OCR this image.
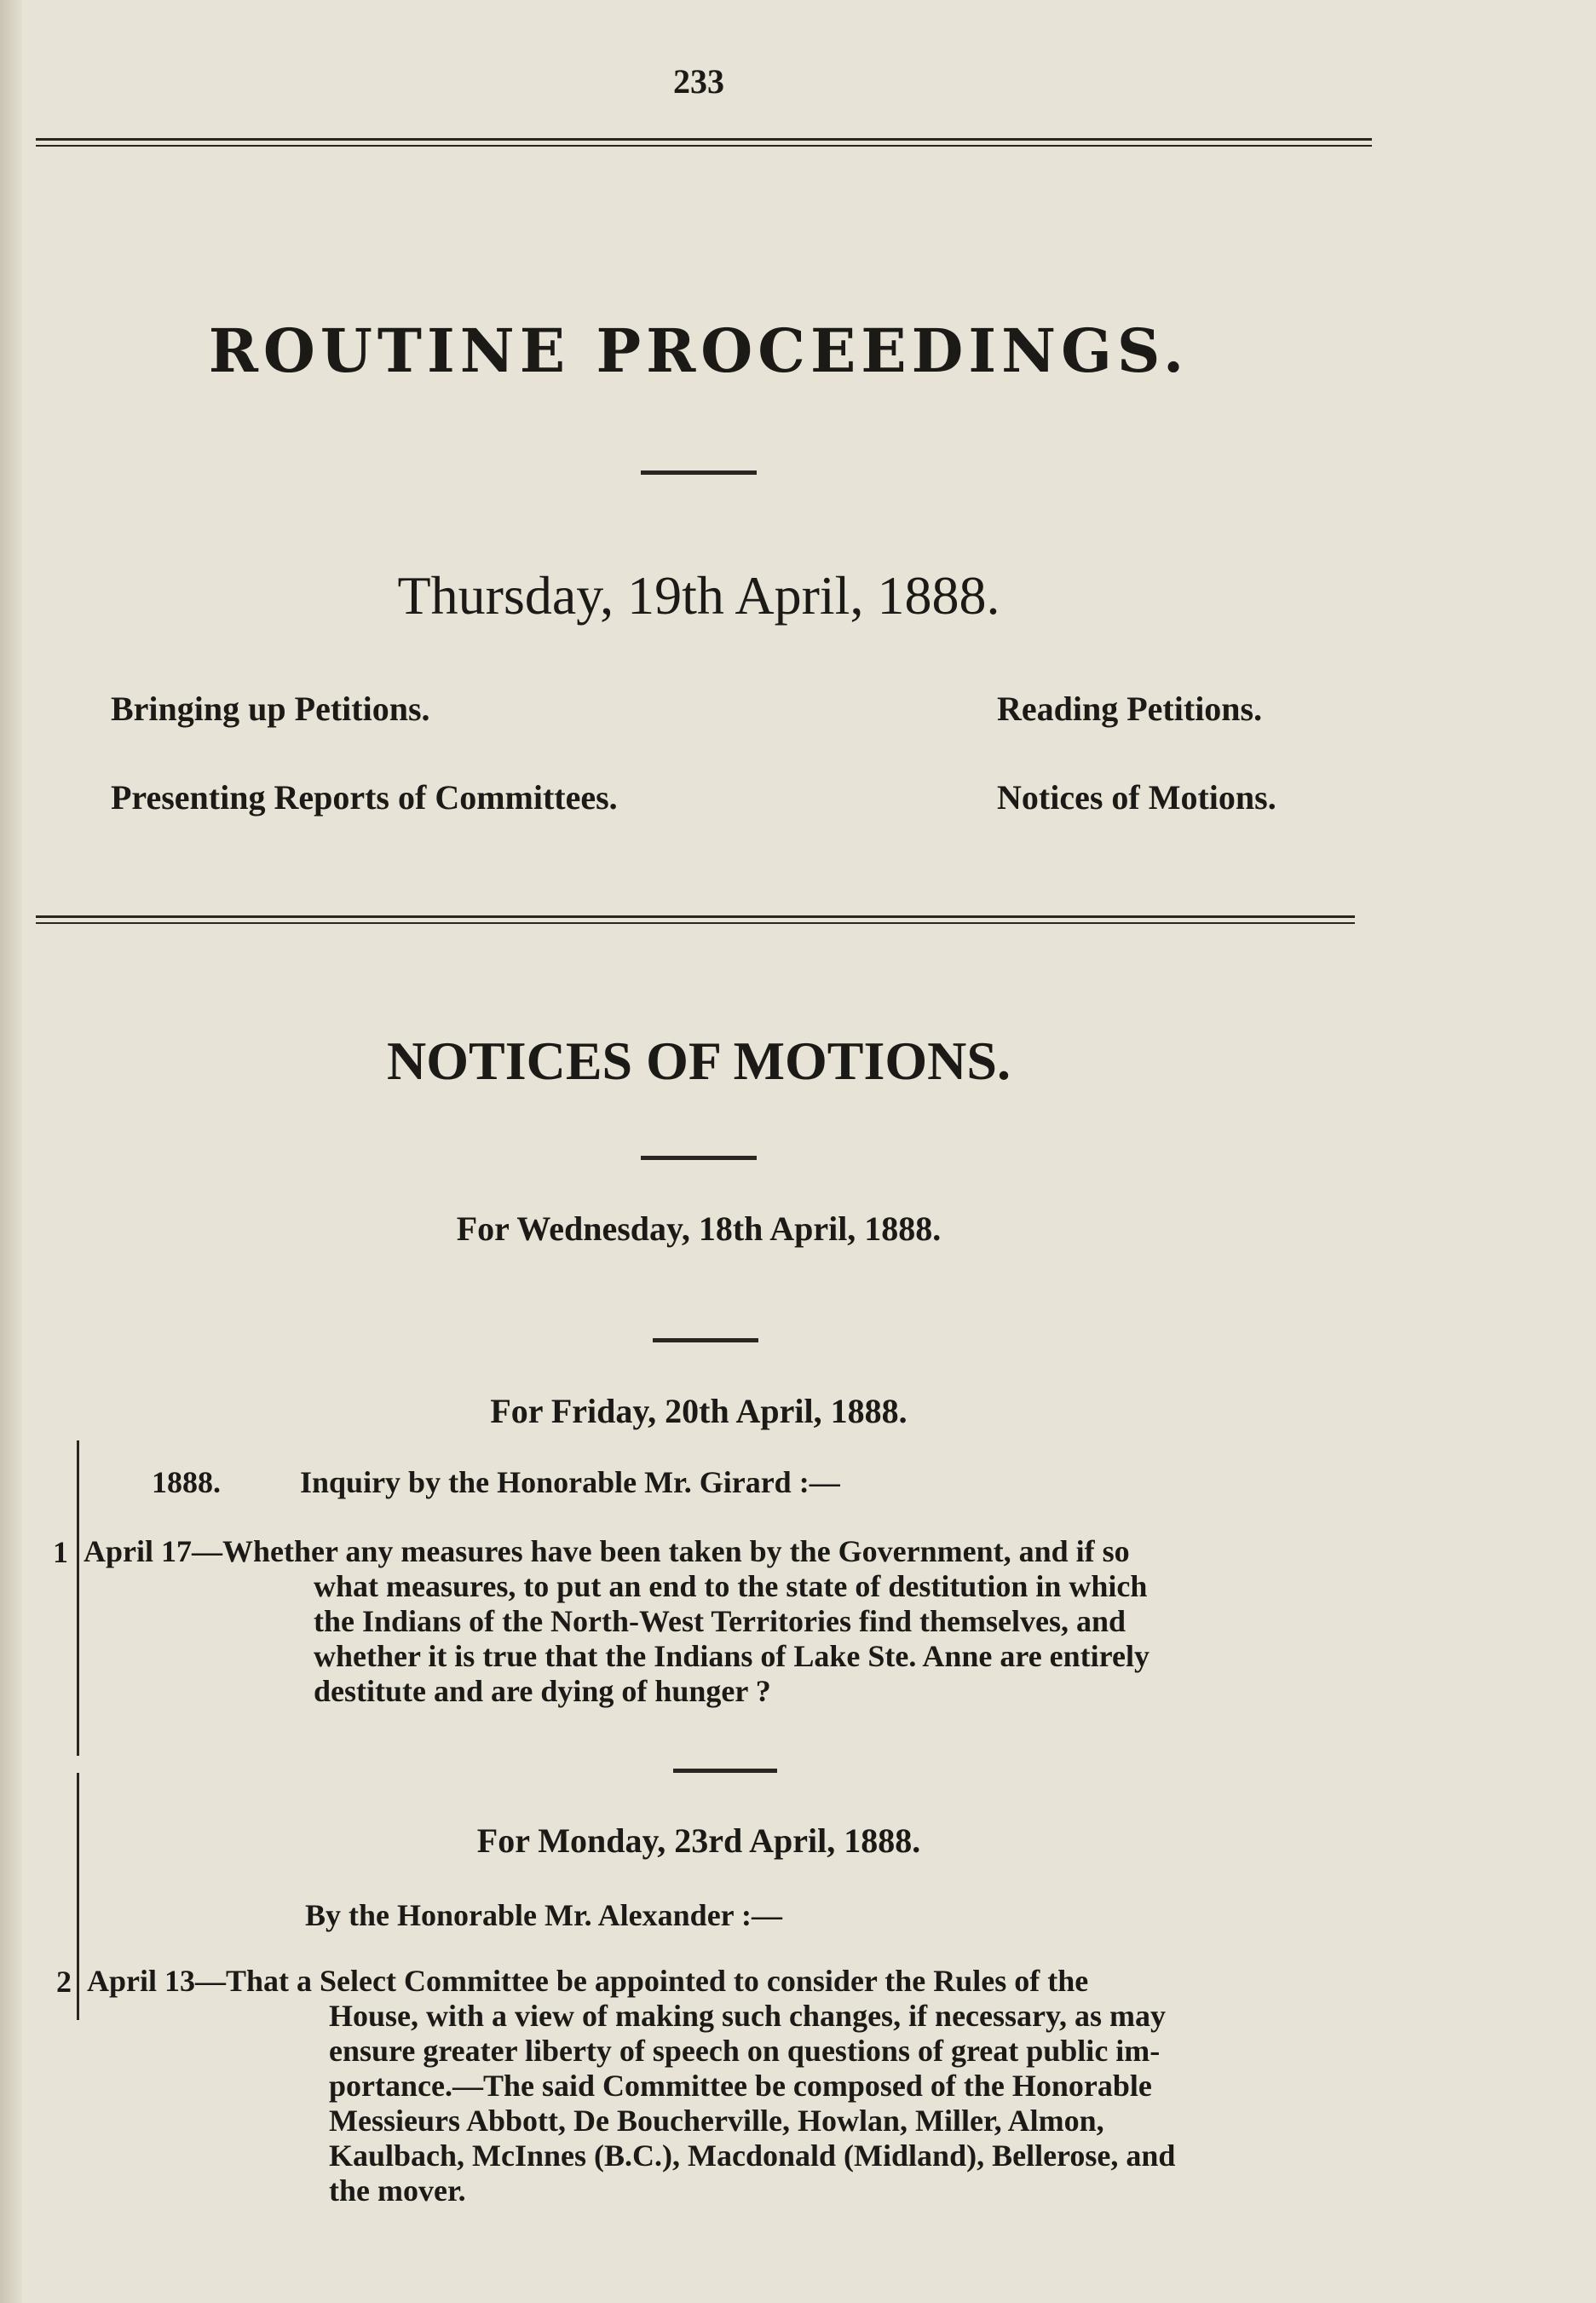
233
ROUTINE PROCEEDINGS.
Thursday, 19th April, 1888.
Bringing up Petitions.	Reading Petitions.
Presenting Reports of Committees.	Notices of Motions.
NOTICES OF MOTIONS.
For Wednesday, 18th April, 1888.
For Friday, 20th April, 1888.
1888.	Inquiry by the Honorable Mr. Girard :—
1 April 17—Whether any measures have been taken by the Government, and if so
what measures, to put an end to the state of destitution in which
the Indians of the North-West Territories find themselves, and
whether it is true that the Indians of Lake Ste. Anne are entirely
destitute and are dying of hunger ?
For Monday, 23rd April, 1888.
By the Honorable Mr. Alexander :—
2 April 13—That a Select Committee be appointed to consider the Rules of the
House, with a view of making such changes, if necessary, as may
ensure greater liberty of speech on questions of great public im-
portance.—The said Committee be composed of the Honorable
Messieurs Abbott, De Boucherville, Howlan, Miller, Almon,
Kaulbach, McInnes (B.C.), Macdonald (Midland), Bellerose, and
the mover.
